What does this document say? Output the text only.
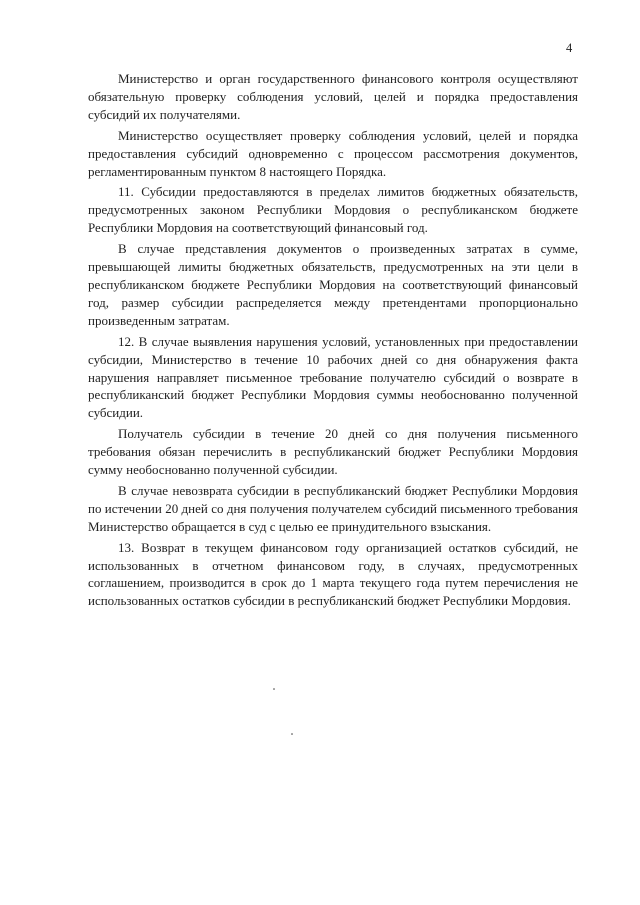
4

Министерство и орган государственного финансового контроля осуществляют обязательную проверку соблюдения условий, целей и порядка предоставления субсидий их получателями.

Министерство осуществляет проверку соблюдения условий, целей и порядка предоставления субсидий одновременно с процессом рассмотрения документов, регламентированным пунктом 8 настоящего Порядка.

11. Субсидии предоставляются в пределах лимитов бюджетных обязательств, предусмотренных законом Республики Мордовия о республиканском бюджете Республики Мордовия на соответствующий финансовый год.

В случае представления документов о произведенных затратах в сумме, превышающей лимиты бюджетных обязательств, предусмотренных на эти цели в республиканском бюджете Республики Мордовия на соответствующий финансовый год, размер субсидии распределяется между претендентами пропорционально произведенным затратам.

12. В случае выявления нарушения условий, установленных при предоставлении субсидии, Министерство в течение 10 рабочих дней со дня обнаружения факта нарушения направляет письменное требование получателю субсидий о возврате в республиканский бюджет Республики Мордовия суммы необоснованно полученной субсидии.

Получатель субсидии в течение 20 дней со дня получения письменного требования обязан перечислить в республиканский бюджет Республики Мордовия сумму необоснованно полученной субсидии.

В случае невозврата субсидии в республиканский бюджет Республики Мордовия по истечении 20 дней со дня получения получателем субсидий письменного требования Министерство обращается в суд с целью ее принудительного взыскания.

13. Возврат в текущем финансовом году организацией остатков субсидий, не использованных в отчетном финансовом году, в случаях, предусмотренных соглашением, производится в срок до 1 марта текущего года путем перечисления не использованных остатков субсидии в республиканский бюджет Республики Мордовия.
